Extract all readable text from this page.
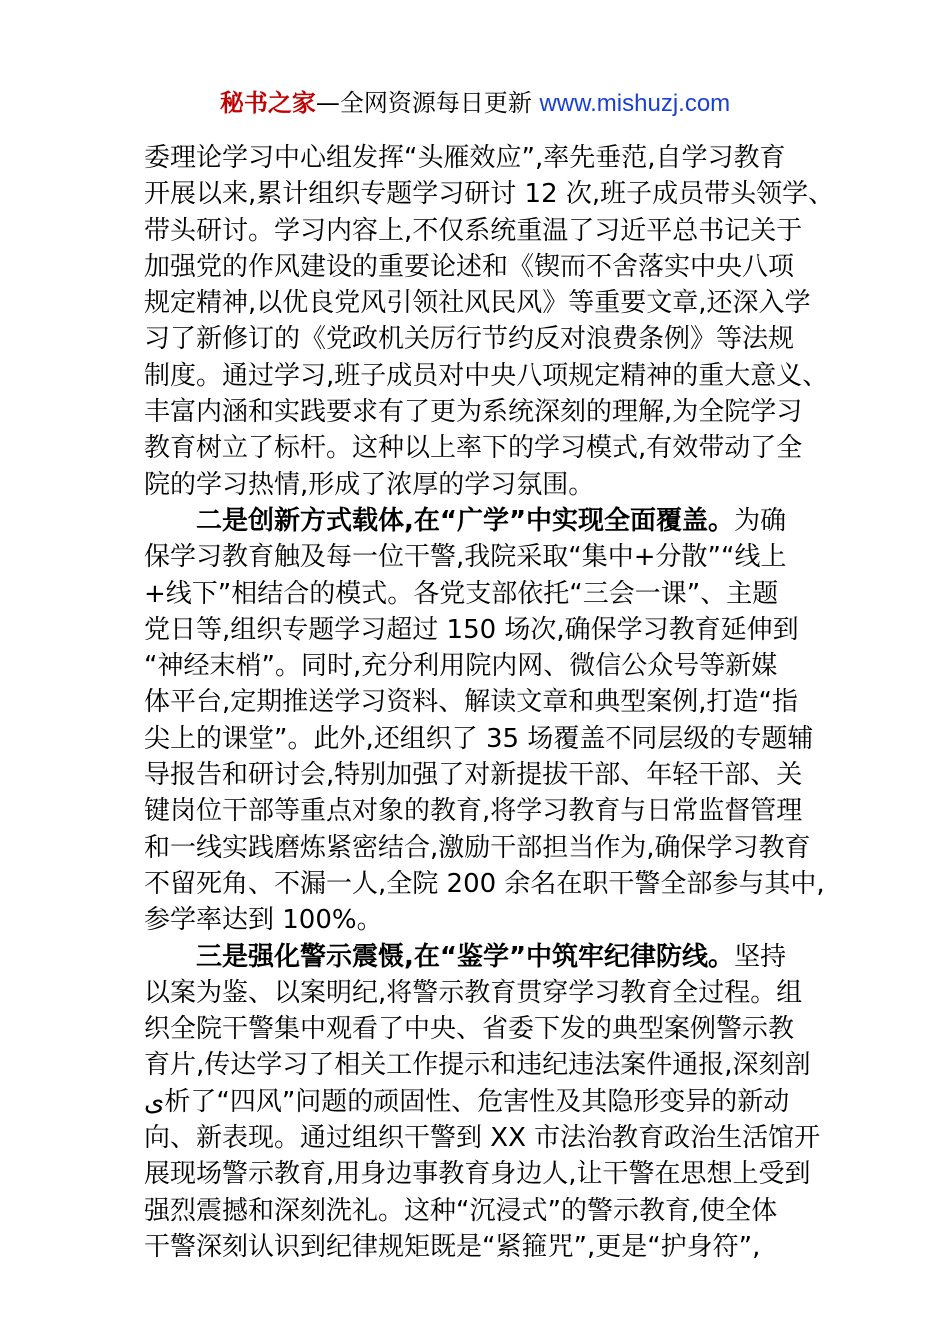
秘书之家—全网资源每日更新 www.mishuzj.com
委理论学习中心组发挥“头雁效应”,率先垂范,自学习教育
开展以来,累计组织专题学习研讨 12 次,班子成员带头领学、
带头研讨。学习内容上,不仅系统重温了习近平总书记关于
加强党的作风建设的重要论述和《锲而不舍落实中央八项
规定精神,以优良党风引领社风民风》等重要文章,还深入学
习了新修订的《党政机关厉行节约反对浪费条例》等法规
制度。通过学习,班子成员对中央八项规定精神的重大意义、
丰富内涵和实践要求有了更为系统深刻的理解,为全院学习
教育树立了标杆。这种以上率下的学习模式,有效带动了全
院的学习热情,形成了浓厚的学习氛围。
二是创新方式载体,在“广学”中实现全面覆盖。为确
保学习教育触及每一位干警,我院采取“集中+分散”“线上
+线下”相结合的模式。各党支部依托“三会一课”、主题
党日等,组织专题学习超过 150 场次,确保学习教育延伸到
“神经末梢”。同时,充分利用院内网、微信公众号等新媒
体平台,定期推送学习资料、解读文章和典型案例,打造“指
尖上的课堂”。此外,还组织了 35 场覆盖不同层级的专题辅
导报告和研讨会,特别加强了对新提拔干部、年轻干部、关
键岗位干部等重点对象的教育,将学习教育与日常监督管理
和一线实践磨炼紧密结合,激励干部担当作为,确保学习教育
不留死角、不漏一人,全院 200 余名在职干警全部参与其中,
参学率达到 100%。
三是强化警示震慑,在“鉴学”中筑牢纪律防线。坚持
以案为鉴、以案明纪,将警示教育贯穿学习教育全过程。组
织全院干警集中观看了中央、省委下发的典型案例警示教
育片,传达学习了相关工作提示和违纪违法案件通报,深刻剖
ی析了“四风”问题的顽固性、危害性及其隐形变异的新动
向、新表现。通过组织干警到 XX 市法治教育政治生活馆开
展现场警示教育,用身边事教育身边人,让干警在思想上受到
强烈震撼和深刻洗礼。这种“沉浸式”的警示教育,使全体
干警深刻认识到纪律规矩既是“紧箍咒”,更是“护身符”,
